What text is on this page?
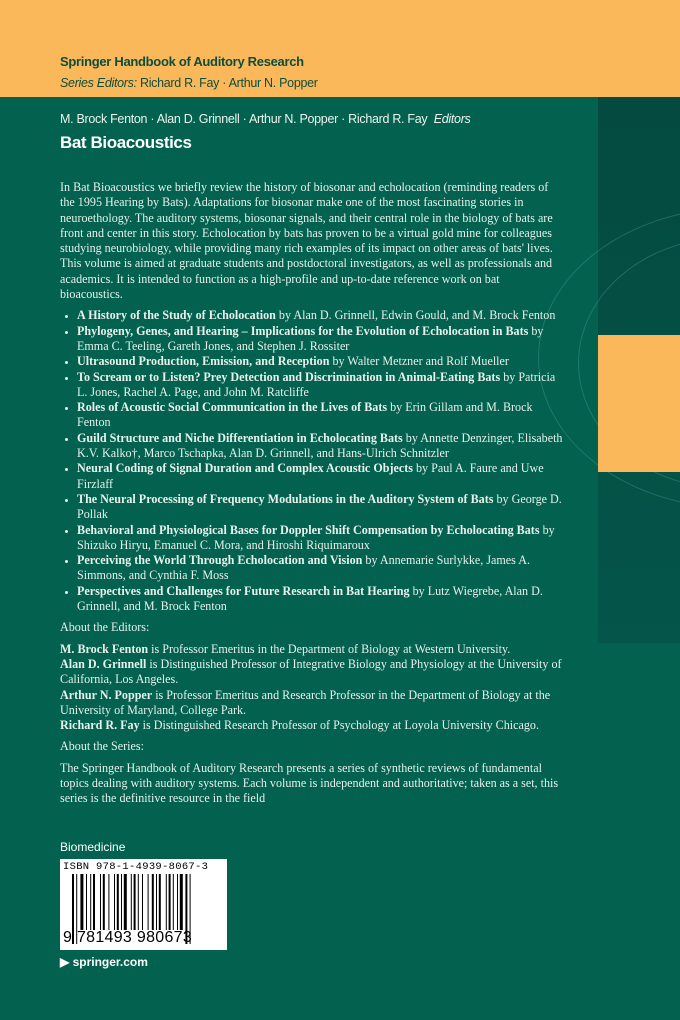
Springer Handbook of Auditory Research
Series Editors: Richard R. Fay · Arthur N. Popper
M. Brock Fenton · Alan D. Grinnell · Arthur N. Popper · Richard R. Fay Editors
Bat Bioacoustics

In Bat Bioacoustics we briefly review the history of biosonar and echolocation (reminding readers of the 1995 Hearing by Bats). Adaptations for biosonar make one of the most fascinating stories in neuroethology. The auditory systems, biosonar signals, and their central role in the biology of bats are front and center in this story. Echolocation by bats has proven to be a virtual gold mine for colleagues studying neurobiology, while providing many rich examples of its impact on other areas of bats' lives. This volume is aimed at graduate students and postdoctoral investigators, as well as professionals and academics. It is intended to function as a high-profile and up-to-date reference work on bat bioacoustics.

• A History of the Study of Echolocation by Alan D. Grinnell, Edwin Gould, and M. Brock Fenton
• Phylogeny, Genes, and Hearing – Implications for the Evolution of Echolocation in Bats by Emma C. Teeling, Gareth Jones, and Stephen J. Rossiter
• Ultrasound Production, Emission, and Reception by Walter Metzner and Rolf Mueller
• To Scream or to Listen? Prey Detection and Discrimination in Animal-Eating Bats by Patricia L. Jones, Rachel A. Page, and John M. Ratcliffe
• Roles of Acoustic Social Communication in the Lives of Bats by Erin Gillam and M. Brock Fenton
• Guild Structure and Niche Differentiation in Echolocating Bats by Annette Denzinger, Elisabeth K.V. Kalko†, Marco Tschapka, Alan D. Grinnell, and Hans-Ulrich Schnitzler
• Neural Coding of Signal Duration and Complex Acoustic Objects by Paul A. Faure and Uwe Firzlaff
• The Neural Processing of Frequency Modulations in the Auditory System of Bats by George D. Pollak
• Behavioral and Physiological Bases for Doppler Shift Compensation by Echolocating Bats by Shizuko Hiryu, Emanuel C. Mora, and Hiroshi Riquimaroux
• Perceiving the World Through Echolocation and Vision by Annemarie Surlykke, James A. Simmons, and Cynthia F. Moss
• Perspectives and Challenges for Future Research in Bat Hearing by Lutz Wiegrebe, Alan D. Grinnell, and M. Brock Fenton

About the Editors:

M. Brock Fenton is Professor Emeritus in the Department of Biology at Western University.
Alan D. Grinnell is Distinguished Professor of Integrative Biology and Physiology at the University of California, Los Angeles.
Arthur N. Popper is Professor Emeritus and Research Professor in the Department of Biology at the University of Maryland, College Park.
Richard R. Fay is Distinguished Research Professor of Psychology at Loyola University Chicago.

About the Series:

The Springer Handbook of Auditory Research presents a series of synthetic reviews of fundamental topics dealing with auditory systems. Each volume is independent and authoritative; taken as a set, this series is the definitive resource in the field

Biomedicine
ISBN 978-1-4939-8067-3
9 781493 980673
▶ springer.com
